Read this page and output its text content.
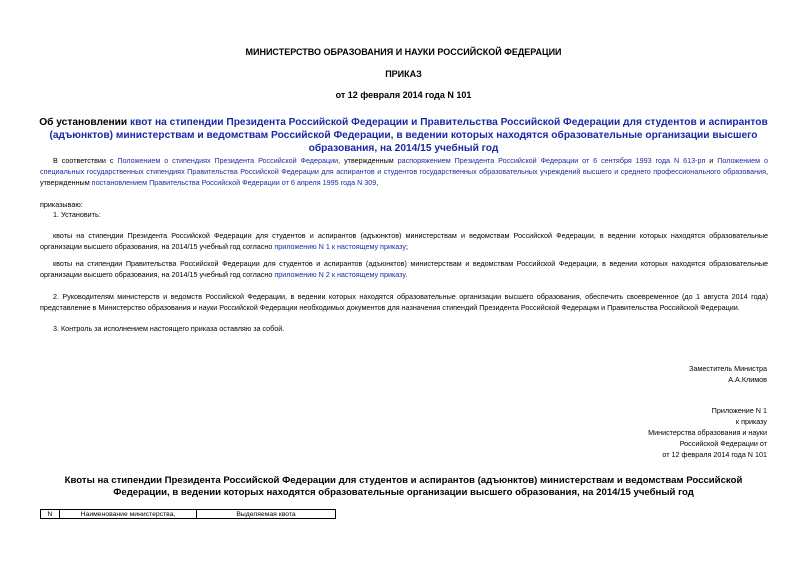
МИНИСТЕРСТВО ОБРАЗОВАНИЯ И НАУКИ РОССИЙСКОЙ ФЕДЕРАЦИИ
ПРИКАЗ
от 12 февраля 2014 года N 101
Об установлении квот на стипендии Президента Российской Федерации и Правительства Российской Федерации для студентов и аспирантов (адъюнктов) министерствам и ведомствам Российской Федерации, в ведении которых находятся образовательные организации высшего образования, на 2014/15 учебный год
В соответствии с Положением о стипендиях Президента Российской Федерации, утвержденным распоряжением Президента Российской Федерации от 6 сентября 1993 года N 613-рп и Положением о специальных государственных стипендиях Правительства Российской Федерации для аспирантов и студентов государственных образовательных учреждений высшего и среднего профессионального образования, утвержденным постановлением Правительства Российской Федерации от 6 апреля 1995 года N 309,
приказываю:
1. Установить:
квоты на стипендии Президента Российской Федерации для студентов и аспирантов (адъюнктов) министерствам и ведомствам Российской Федерации, в ведении которых находятся образовательные организации высшего образования, на 2014/15 учебный год согласно приложению N 1 к настоящему приказу;
квоты на стипендии Правительства Российской Федерации для студентов и аспирантов (адъюнктов) министерствам и ведомствам Российской Федерации, в ведении которых находятся образовательные организации высшего образования, на 2014/15 учебный год согласно приложению N 2 к настоящему приказу.
2. Руководителям министерств и ведомств Российской Федерации, в ведении которых находятся образовательные организации высшего образования, обеспечить своевременное (до 1 августа 2014 года) представление в Министерство образования и науки Российской Федерации необходимых документов для назначения стипендий Президента Российской Федерации и Правительства Российской Федерации.
3. Контроль за исполнением настоящего приказа оставляю за собой.
Заместитель Министра
А.А.Климов
Приложение N 1
к приказу
Министерства образования и науки
Российской Федерации от
от 12 февраля 2014 года N 101
Квоты на стипендии Президента Российской Федерации для студентов и аспирантов (адъюнктов) министерствам и ведомствам Российской Федерации, в ведении которых находятся образовательные организации высшего образования, на 2014/15 учебный год
N	Наименование министерства,	Выделяемая квота
